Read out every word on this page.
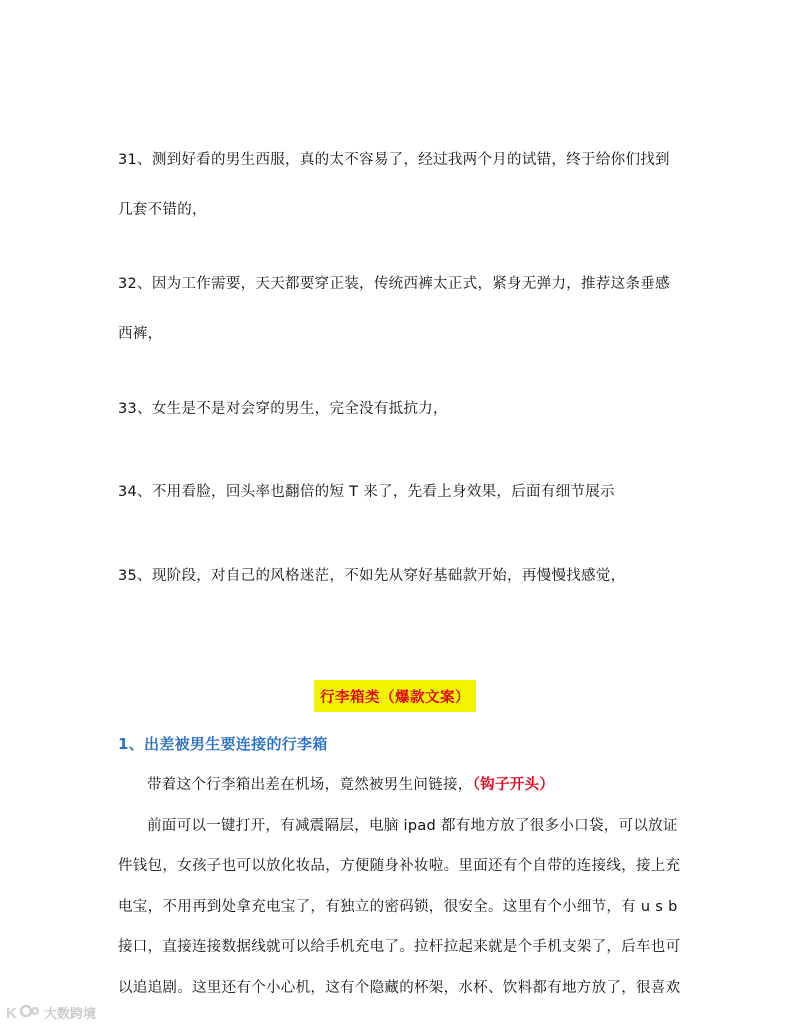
31、测到好看的男生西服，真的太不容易了，经过我两个月的试错，终于给你们找到几套不错的，

32、因为工作需要，天天都要穿正装，传统西裤太正式，紧身无弹力，推荐这条垂感西裤，

33、女生是不是对会穿的男生，完全没有抵抗力，

34、不用看脸，回头率也翻倍的短 T 来了，先看上身效果，后面有细节展示

35、现阶段，对自己的风格迷茫，不如先从穿好基础款开始，再慢慢找感觉，

行李箱类（爆款文案）
1、出差被男生要连接的行李箱
带着这个行李箱出差在机场，竟然被男生问链接，（钩子开头）
前面可以一键打开，有减震隔层，电脑 ipad 都有地方放了很多小口袋，可以放证件钱包，女孩子也可以放化妆品，方便随身补妆啦。里面还有个自带的连接线，接上充电宝，不用再到处拿充电宝了，有独立的密码锁，很安全。这里有个小细节，有 u s b 接口，直接连接数据线就可以给手机充电了。拉杆拉起来就是个手机支架了，后车也可以追追剧。这里还有个小心机，这有个隐藏的杯架，水杯、饮料都有地方放了，很喜欢
K 大数跨境
